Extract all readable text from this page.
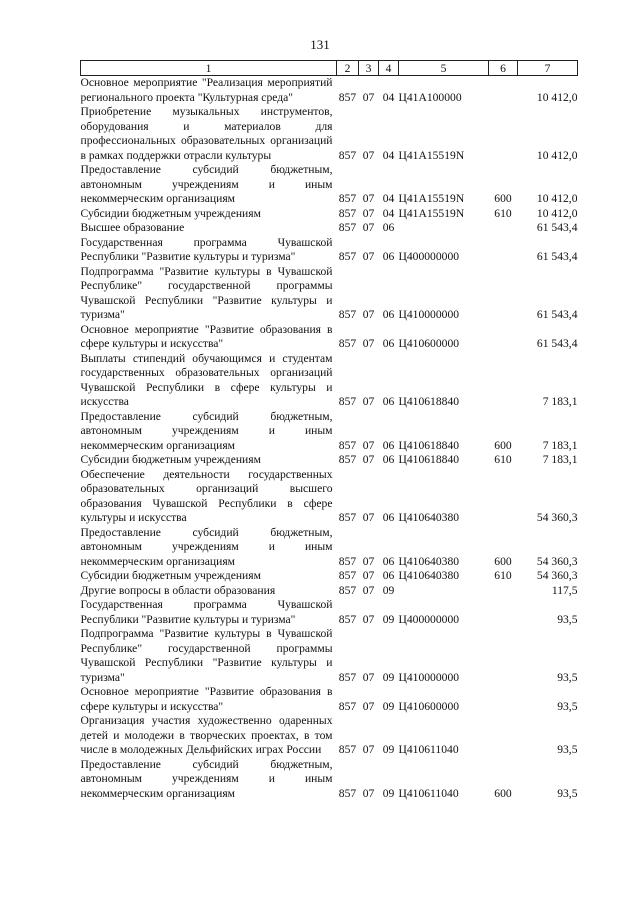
131
1	2	3	4	5	6	7
Основное мероприятие "Реализация мероприятий регионального проекта "Культурная среда"	857	07	04	Ц41А100000		10 412,0
Приобретение музыкальных инструментов, оборудования и материалов для профессиональных образовательных организаций в рамках поддержки отрасли культуры	857	07	04	Ц41А15519N		10 412,0
Предоставление субсидий бюджетным, автономным учреждениям и иным некоммерческим организациям	857	07	04	Ц41А15519N	600	10 412,0
Субсидии бюджетным учреждениям	857	07	04	Ц41А15519N	610	10 412,0
Высшее образование	857	07	06			61 543,4
Государственная программа Чувашской Республики "Развитие культуры и туризма"	857	07	06	Ц400000000		61 543,4
Подпрограмма "Развитие культуры в Чувашской Республике" государственной программы Чувашской Республики "Развитие культуры и туризма"	857	07	06	Ц410000000		61 543,4
Основное мероприятие "Развитие образования в сфере культуры и искусства"	857	07	06	Ц410600000		61 543,4
Выплаты стипендий обучающимся и студентам государственных образовательных организаций Чувашской Республики в сфере культуры и искусства	857	07	06	Ц410618840		7 183,1
Предоставление субсидий бюджетным, автономным учреждениям и иным некоммерческим организациям	857	07	06	Ц410618840	600	7 183,1
Субсидии бюджетным учреждениям	857	07	06	Ц410618840	610	7 183,1
Обеспечение деятельности государственных образовательных организаций высшего образования Чувашской Республики в сфере культуры и искусства	857	07	06	Ц410640380		54 360,3
Предоставление субсидий бюджетным, автономным учреждениям и иным некоммерческим организациям	857	07	06	Ц410640380	600	54 360,3
Субсидии бюджетным учреждениям	857	07	06	Ц410640380	610	54 360,3
Другие вопросы в области образования	857	07	09			117,5
Государственная программа Чувашской Республики "Развитие культуры и туризма"	857	07	09	Ц400000000		93,5
Подпрограмма "Развитие культуры в Чувашской Республике" государственной программы Чувашской Республики "Развитие культуры и туризма"	857	07	09	Ц410000000		93,5
Основное мероприятие "Развитие образования в сфере культуры и искусства"	857	07	09	Ц410600000		93,5
Организация участия художественно одаренных детей и молодежи в творческих проектах, в том числе в молодежных Дельфийских играх России	857	07	09	Ц410611040		93,5
Предоставление субсидий бюджетным, автономным учреждениям и иным некоммерческим организациям	857	07	09	Ц410611040	600	93,5
